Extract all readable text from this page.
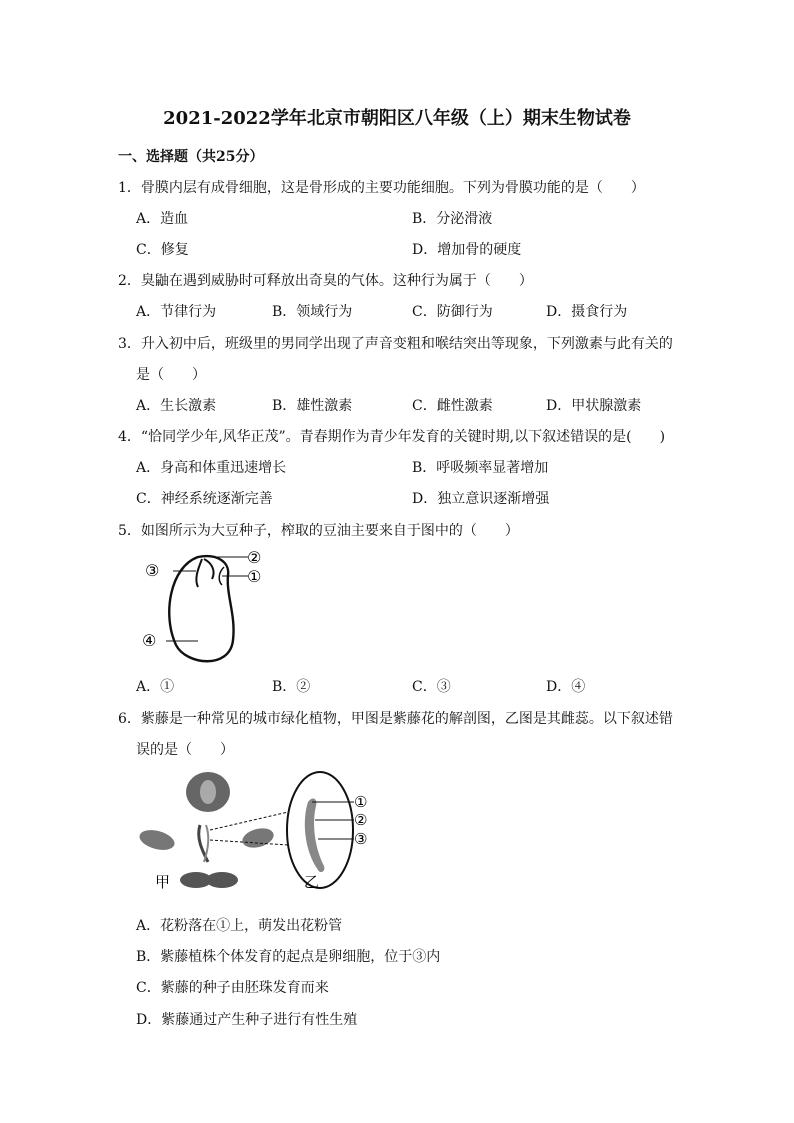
2021-2022学年北京市朝阳区八年级（上）期末生物试卷
一、选择题（共25分）
1．骨膜内层有成骨细胞，这是骨形成的主要功能细胞。下列为骨膜功能的是（　　）
A．造血	B．分泌滑液
C．修复	D．增加骨的硬度
2．臭鼬在遇到威胁时可释放出奇臭的气体。这种行为属于（　　）
A．节律行为	B．领域行为	C．防御行为	D．摄食行为
3．升入初中后，班级里的男同学出现了声音变粗和喉结突出等现象，下列激素与此有关的
是（　　）
A．生长激素	B．雄性激素	C．雌性激素	D．甲状腺激素
4．“恰同学少年,风华正茂”。青春期作为青少年发育的关键时期,以下叙述错误的是(　　)
A．身高和体重迅速增长	B．呼吸频率显著增加
C．神经系统逐渐完善	D．独立意识逐渐增强
5．如图所示为大豆种子，榨取的豆油主要来自于图中的（　　）
③
②
①
④
A．①	B．②	C．③	D．④
6．紫藤是一种常见的城市绿化植物，甲图是紫藤花的解剖图，乙图是其雌蕊。以下叙述错
误的是（　　）
甲
①
②
③
乙
A．花粉落在①上，萌发出花粉管
B．紫藤植株个体发育的起点是卵细胞，位于③内
C．紫藤的种子由胚珠发育而来
D．紫藤通过产生种子进行有性生殖
